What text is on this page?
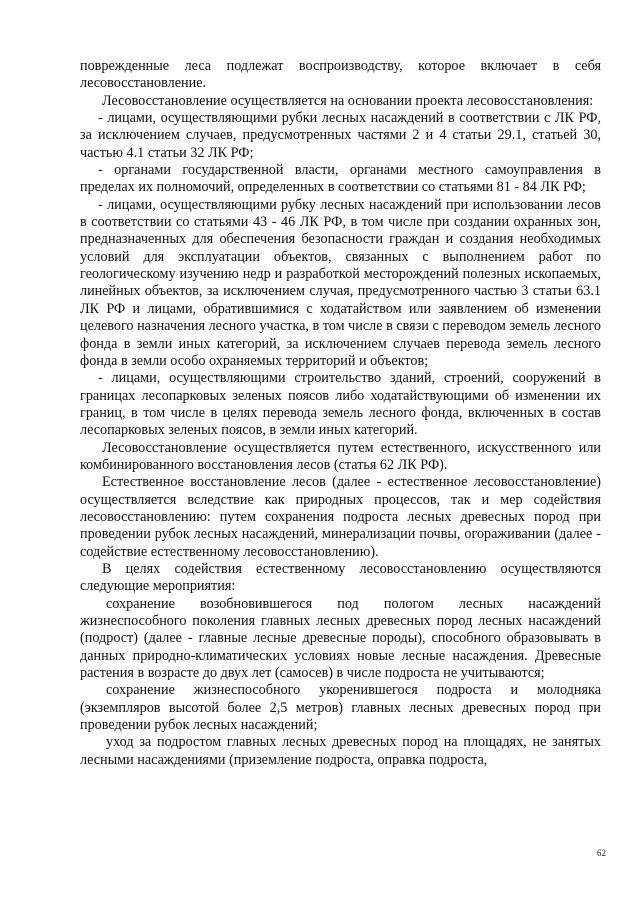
поврежденные леса подлежат воспроизводству, которое включает в себя лесовосстановление.

Лесовосстановление осуществляется на основании проекта лесовосстановления:

- лицами, осуществляющими рубки лесных насаждений в соответствии с ЛК РФ, за исключением случаев, предусмотренных частями 2 и 4 статьи 29.1, статьей 30, частью 4.1 статьи 32 ЛК РФ;

- органами государственной власти, органами местного самоуправления в пределах их полномочий, определенных в соответствии со статьями 81 - 84 ЛК РФ;

- лицами, осуществляющими рубку лесных насаждений при использовании лесов в соответствии со статьями 43 - 46 ЛК РФ, в том числе при создании охранных зон, предназначенных для обеспечения безопасности граждан и создания необходимых условий для эксплуатации объектов, связанных с выполнением работ по геологическому изучению недр и разработкой месторождений полезных ископаемых, линейных объектов, за исключением случая, предусмотренного частью 3 статьи 63.1 ЛК РФ и лицами, обратившимися с ходатайством или заявлением об изменении целевого назначения лесного участка, в том числе в связи с переводом земель лесного фонда в земли иных категорий, за исключением случаев перевода земель лесного фонда в земли особо охраняемых территорий и объектов;

- лицами, осуществляющими строительство зданий, строений, сооружений в границах лесопарковых зеленых поясов либо ходатайствующими об изменении их границ, в том числе в целях перевода земель лесного фонда, включенных в состав лесопарковых зеленых поясов, в земли иных категорий.

Лесовосстановление осуществляется путем естественного, искусственного или комбинированного восстановления лесов (статья 62 ЛК РФ).

Естественное восстановление лесов (далее - естественное лесовосстановление) осуществляется вследствие как природных процессов, так и мер содействия лесовосстановлению: путем сохранения подроста лесных древесных пород при проведении рубок лесных насаждений, минерализации почвы, огораживании (далее - содействие естественному лесовосстановлению).

В целях содействия естественному лесовосстановлению осуществляются следующие мероприятия:

сохранение возобновившегося под пологом лесных насаждений жизнеспособного поколения главных лесных древесных пород лесных насаждений (подрост) (далее - главные лесные древесные породы), способного образовывать в данных природно-климатических условиях новые лесные насаждения. Древесные растения в возрасте до двух лет (самосев) в числе подроста не учитываются;

сохранение жизнеспособного укоренившегося подроста и молодняка (экземпляров высотой более 2,5 метров) главных лесных древесных пород при проведении рубок лесных насаждений;

уход за подростом главных лесных древесных пород на площадях, не занятых лесными насаждениями (приземление подроста, оправка подроста,

62
